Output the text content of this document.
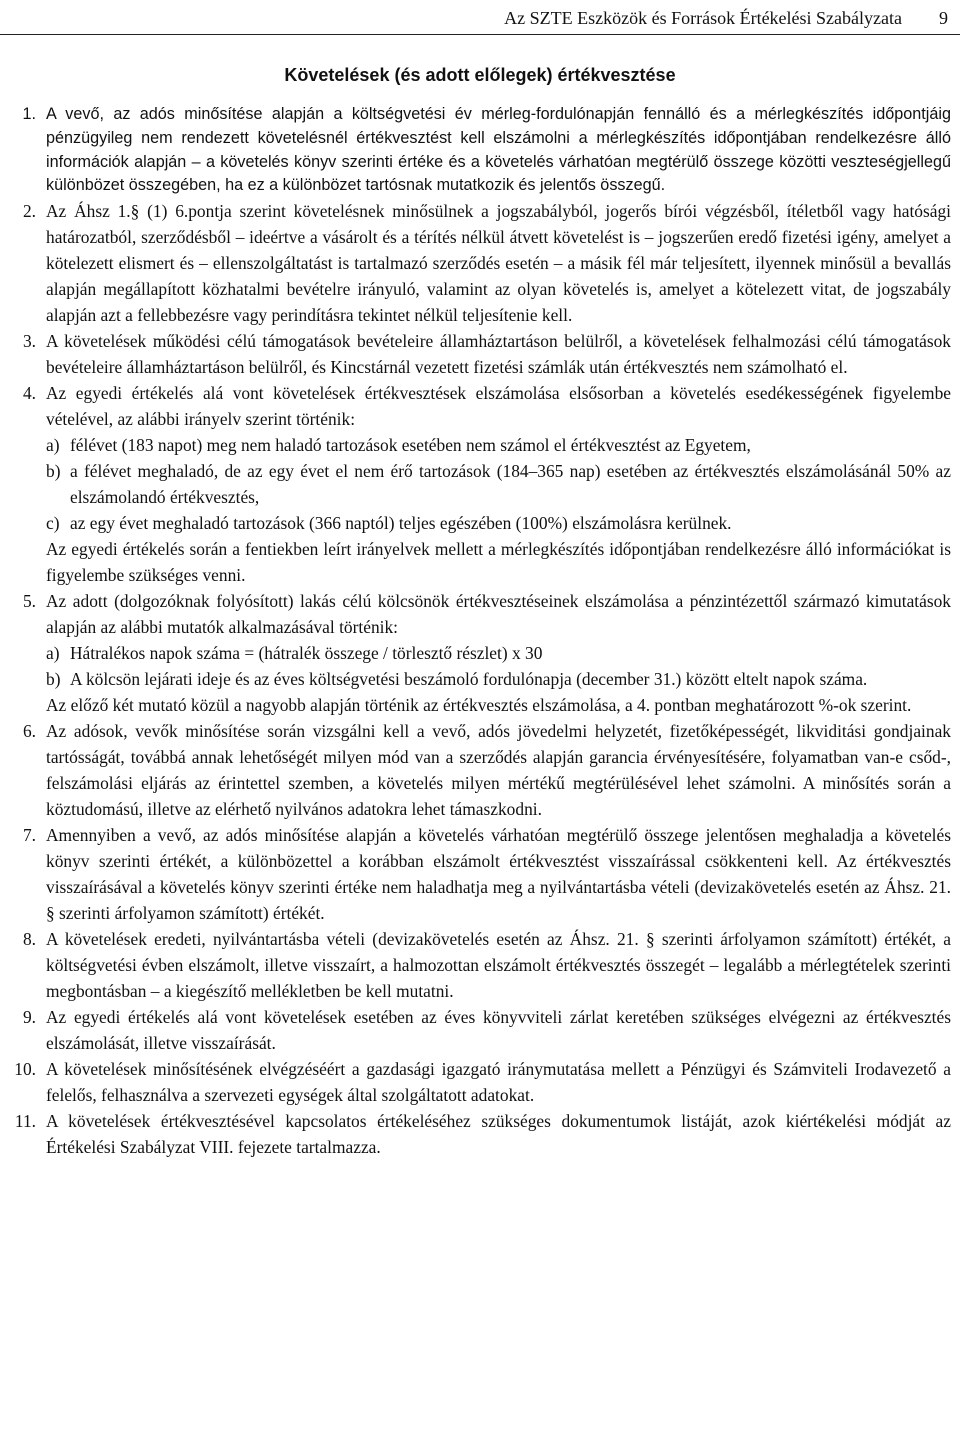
Az SZTE Eszközök és Források Értékelési Szabályzata 9
Követelések (és adott előlegek) értékvesztése
1. A vevő, az adós minősítése alapján a költségvetési év mérleg-fordulónapján fennálló és a mérlegkészítés időpontjáig pénzügyileg nem rendezett követelésnél értékvesztést kell elszámolni a mérlegkészítés időpontjában rendelkezésre álló információk alapján – a követelés könyv szerinti értéke és a követelés várhatóan megtérülő összege közötti veszteségjellegű különbözet összegében, ha ez a különbözet tartósnak mutatkozik és jelentős összegű.

2. Az Áhsz 1.§ (1) 6.pontja szerint követelésnek minősülnek a jogszabályból, jogerős bírói végzésből, ítéletből vagy hatósági határozatból, szerződésből – ideértve a vásárolt és a térítés nélkül átvett követelést is – jogszerűen eredő fizetési igény, amelyet a kötelezett elismert és – ellenszolgáltatást is tartalmazó szerződés esetén – a másik fél már teljesített, ilyennek minősül a bevallás alapján megállapított közhatalmi bevételre irányuló, valamint az olyan követelés is, amelyet a kötelezett vitat, de jogszabály alapján azt a fellebbezésre vagy perindításra tekintet nélkül teljesítenie kell.

3. A követelések működési célú támogatások bevételeire államháztartáson belülről, a követelések felhalmozási célú támogatások bevételeire államháztartáson belülről, és Kincstárnál vezetett fizetési számlák után értékvesztés nem számolható el.

4. Az egyedi értékelés alá vont követelések értékvesztések elszámolása elsősorban a követelés esedékességének figyelembe vételével, az alábbi irányelv szerint történik:

a) félévet (183 napot) meg nem haladó tartozások esetében nem számol el értékvesztést az Egyetem,
b) a félévet meghaladó, de az egy évet el nem érő tartozások (184–365 nap) esetében az értékvesztés elszámolásánál 50% az elszámolandó értékvesztés,
c) az egy évet meghaladó tartozások (366 naptól) teljes egészében (100%) elszámolásra kerülnek.

Az egyedi értékelés során a fentiekben leírt irányelvek mellett a mérlegkészítés időpontjában rendelkezésre álló információkat is figyelembe szükséges venni.

5. Az adott (dolgozóknak folyósított) lakás célú kölcsönök értékvesztéseinek elszámolása a pénzintézettől származó kimutatások alapján az alábbi mutatók alkalmazásával történik:

a) Hátralékos napok száma = (hátralék összege / törlesztő részlet) x 30
b) A kölcsön lejárati ideje és az éves költségvetési beszámoló fordulónapja (december 31.) között eltelt napok száma.

Az előző két mutató közül a nagyobb alapján történik az értékvesztés elszámolása, a 4. pontban meghatározott %-ok szerint.

6. Az adósok, vevők minősítése során vizsgálni kell a vevő, adós jövedelmi helyzetét, fizetőképességét, likviditási gondjainak tartósságát, továbbá annak lehetőségét milyen mód van a szerződés alapján garancia érvényesítésére, folyamatban van-e csőd-, felszámolási eljárás az érintettel szemben, a követelés milyen mértékű megtérülésével lehet számolni. A minősítés során a köztudomású, illetve az elérhető nyilvános adatokra lehet támaszkodni.

7. Amennyiben a vevő, az adós minősítése alapján a követelés várhatóan megtérülő összege jelentősen meghaladja a követelés könyv szerinti értékét, a különbözettel a korábban elszámolt értékvesztést visszaírással csökkenteni kell. Az értékvesztés visszaírásával a követelés könyv szerinti értéke nem haladhatja meg a nyilvántartásba vételi (devizakövetelés esetén az Áhsz. 21. § szerinti árfolyamon számított) értékét.

8. A követelések eredeti, nyilvántartásba vételi (devizakövetelés esetén az Áhsz. 21. § szerinti árfolyamon számított) értékét, a költségvetési évben elszámolt, illetve visszaírt, a halmozottan elszámolt értékvesztés összegét – legalább a mérlegtételek szerinti megbontásban – a kiegészítő mellékletben be kell mutatni.

9. Az egyedi értékelés alá vont követelések esetében az éves könyvviteli zárlat keretében szükséges elvégezni az értékvesztés elszámolását, illetve visszaírását.

10. A követelések minősítésének elvégzéséért a gazdasági igazgató iránymutatása mellett a Pénzügyi és Számviteli Irodavezető a felelős, felhasználva a szervezeti egységek által szolgáltatott adatokat.

11. A követelések értékvesztésével kapcsolatos értékeléséhez szükséges dokumentumok listáját, azok kiértékelési módját az Értékelési Szabályzat VIII. fejezete tartalmazza.
